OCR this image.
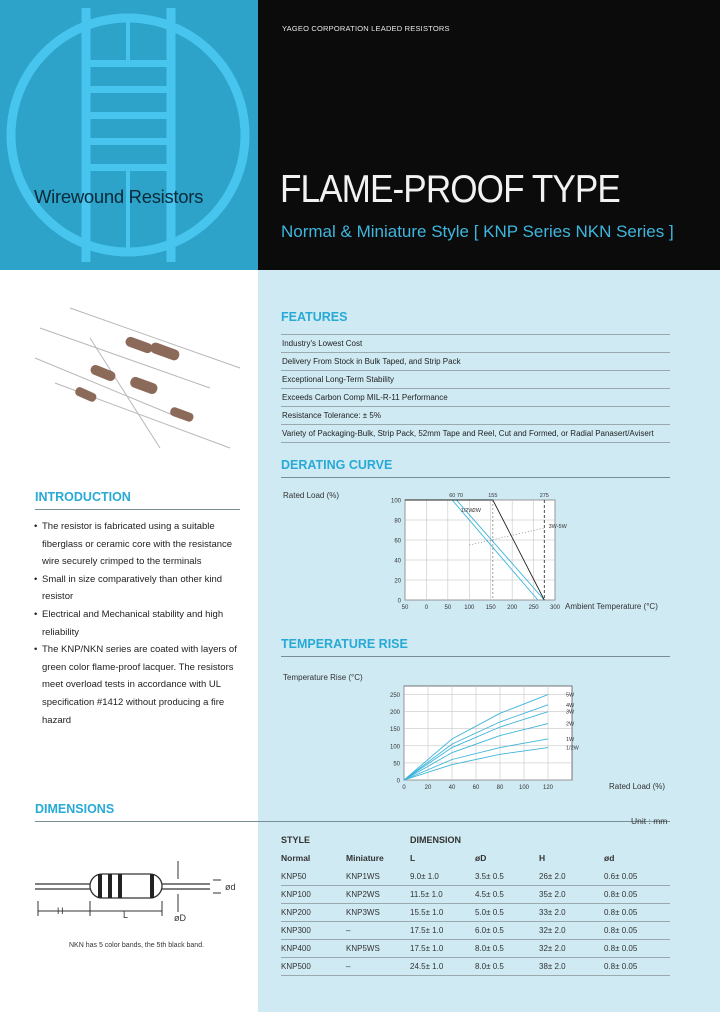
Wirewound Resistors
YAGEO CORPORATION LEADED RESISTORS
FLAME-PROOF TYPE
Normal & Miniature Style [ KNP Series NKN Series ]
FEATURES
Industry's Lowest Cost
Delivery From Stock in Bulk Taped, and Strip Pack
Exceptional Long-Term Stability
Exceeds Carbon Comp MIL-R-11 Performance
Resistance Tolerance: ± 5%
Variety of Packaging-Bulk, Strip Pack, 52mm Tape and Reel, Cut and Formed, or Radial Panasert/Avisert
DERATING CURVE
Rated Load (%)
Ambient Temperature (°C)
100
80
60
40
20
0
50	0	50 100 150 200 250 300
60 70	155	275
1/2W 2W
3W-5W
TEMPERATURE RISE
Temperature Rise (°C)
Rated Load (%)
250
200
150
100
50
0
0	20	40	60	80	100 120
5W
4W
3W
2W
1W
1/2W
INTRODUCTION
• The resistor is fabricated using a suitable fiberglass or ceramic core with the resistance wire securely crimped to the terminals
• Small in size comparatively than other kind resistor
• Electrical and Mechanical stability and high reliability
• The KNP/NKN series are coated with layers of green color flame-proof lacquer. The resistors meet overload tests in accordance with UL specification #1412 without producing a fire hazard
DIMENSIONS
Unit : mm
H	L
ød
øD
NKN has 5 color bands, the 5th black band.
STYLE	DIMENSION
Normal	Miniature	L	øD	H	ød
KNP50	KNP1WS	9.0± 1.0	3.5± 0.5	26± 2.0	0.6± 0.05
KNP100	KNP2WS	11.5± 1.0	4.5± 0.5	35± 2.0	0.8± 0.05
KNP200	KNP3WS	15.5± 1.0	5.0± 0.5	33± 2.0	0.8± 0.05
KNP300	–	17.5± 1.0	6.0± 0.5	32± 2.0	0.8± 0.05
KNP400	KNP5WS	17.5± 1.0	8.0± 0.5	32± 2.0	0.8± 0.05
KNP500	–	24.5± 1.0	8.0± 0.5	38± 2.0	0.8± 0.05
